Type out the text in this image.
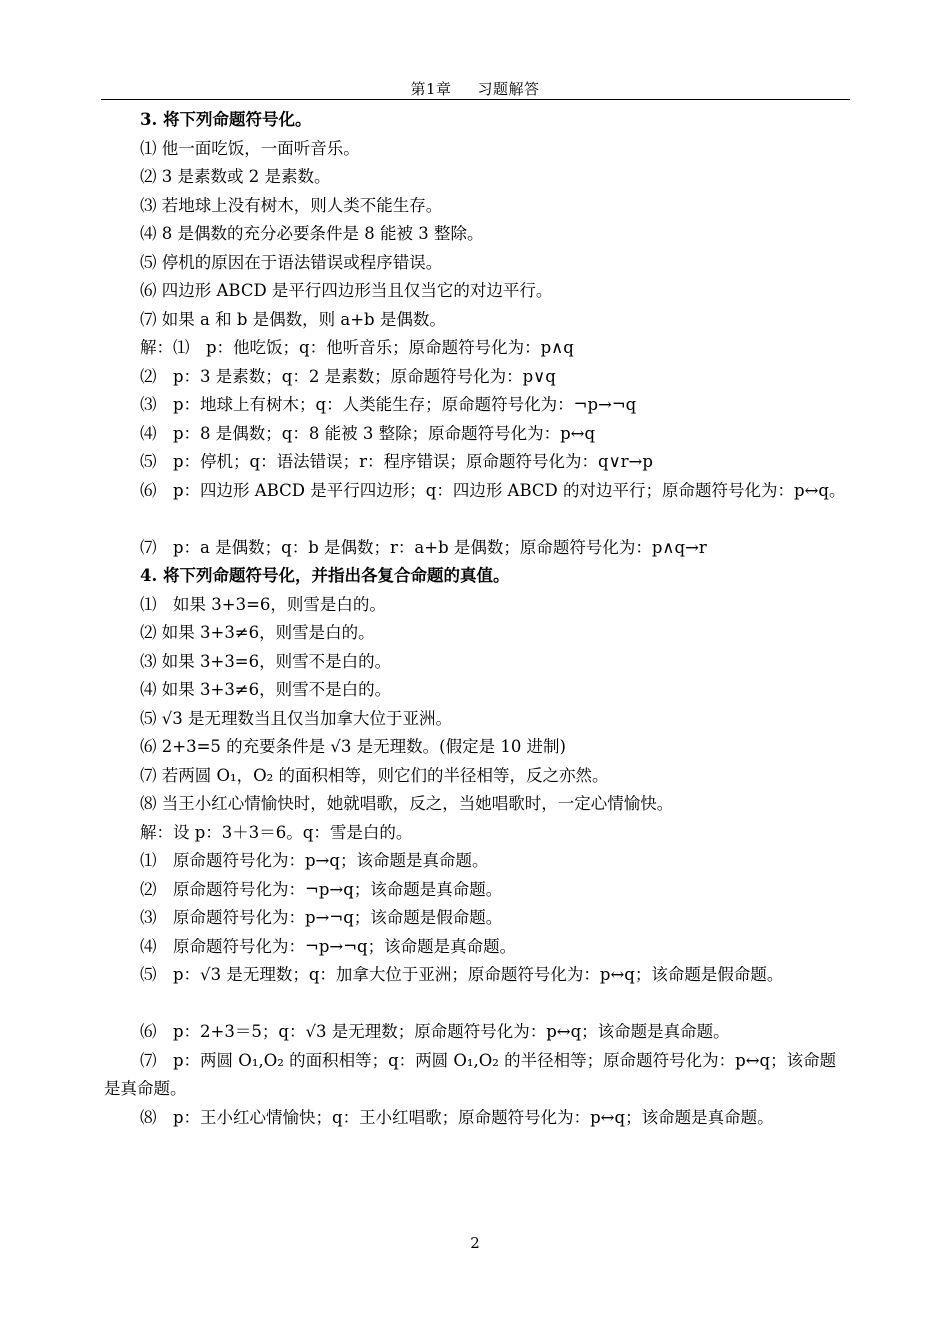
第1章 习题解答
3. 将下列命题符号化。
⑴ 他一面吃饭，一面听音乐。
⑵ 3 是素数或 2 是素数。
⑶ 若地球上没有树木，则人类不能生存。
⑷ 8 是偶数的充分必要条件是 8 能被 3 整除。
⑸ 停机的原因在于语法错误或程序错误。
⑹ 四边形 ABCD 是平行四边形当且仅当它的对边平行。
⑺ 如果 a 和 b 是偶数，则 a+b 是偶数。
解：⑴　p：他吃饭；q：他听音乐；原命题符号化为：p∧q
⑵　p：3 是素数；q：2 是素数；原命题符号化为：p∨q
⑶　p：地球上有树木；q：人类能生存；原命题符号化为：¬p→¬q
⑷　p：8 是偶数；q：8 能被 3 整除；原命题符号化为：p↔q
⑸　p：停机；q：语法错误；r：程序错误；原命题符号化为：q∨r→p
⑹　p：四边形 ABCD 是平行四边形；q：四边形 ABCD 的对边平行；原命题符号化为：p↔q。
⑺　p：a 是偶数；q：b 是偶数；r：a+b 是偶数；原命题符号化为：p∧q→r
4. 将下列命题符号化，并指出各复合命题的真值。
⑴　如果 3+3=6，则雪是白的。
⑵ 如果 3+3≠6，则雪是白的。
⑶ 如果 3+3=6，则雪不是白的。
⑷ 如果 3+3≠6，则雪不是白的。
⑸ √3 是无理数当且仅当加拿大位于亚洲。
⑹ 2+3=5 的充要条件是 √3 是无理数。(假定是 10 进制)
⑺ 若两圆 O₁，O₂ 的面积相等，则它们的半径相等，反之亦然。
⑻ 当王小红心情愉快时，她就唱歌，反之，当她唱歌时，一定心情愉快。
解：设 p：3＋3＝6。q：雪是白的。
⑴　原命题符号化为：p→q；该命题是真命题。
⑵　原命题符号化为：¬p→q；该命题是真命题。
⑶　原命题符号化为：p→¬q；该命题是假命题。
⑷　原命题符号化为：¬p→¬q；该命题是真命题。
⑸　p：√3 是无理数；q：加拿大位于亚洲；原命题符号化为：p↔q；该命题是假命题。
⑹　p：2+3＝5；q：√3 是无理数；原命题符号化为：p↔q；该命题是真命题。
⑺　p：两圆 O₁,O₂ 的面积相等；q：两圆 O₁,O₂ 的半径相等；原命题符号化为：p↔q；该命题是真命题。
⑻　p：王小红心情愉快；q：王小红唱歌；原命题符号化为：p↔q；该命题是真命题。
2
